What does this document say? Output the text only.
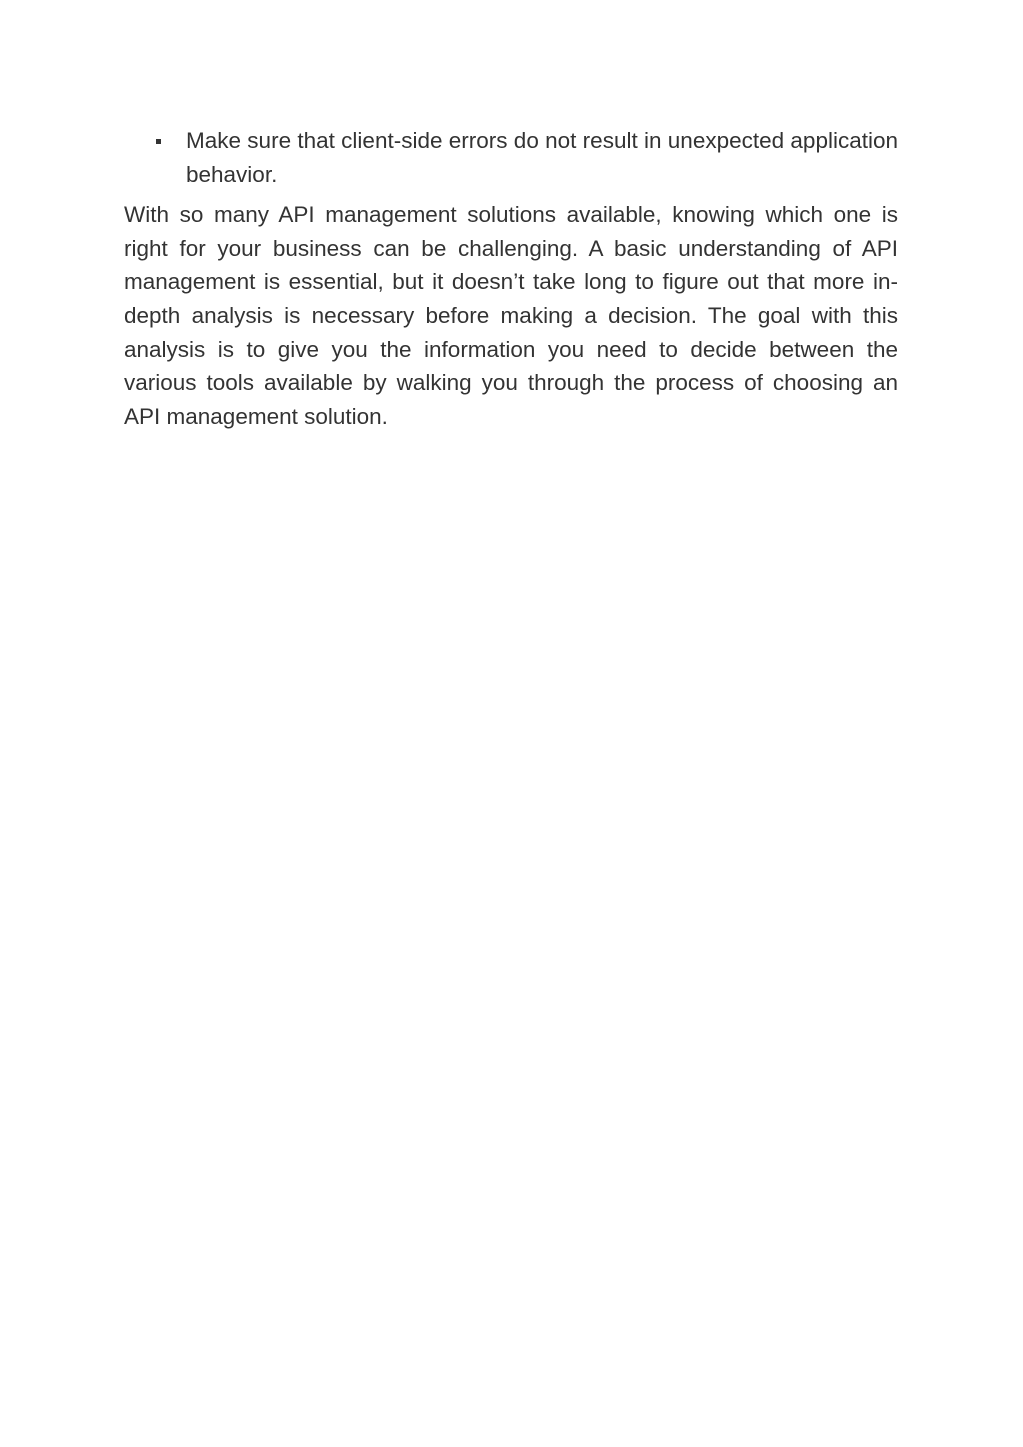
Make sure that client-side errors do not result in unexpected application behavior.

With so many API management solutions available, knowing which one is right for your business can be challenging. A basic understanding of API management is essential, but it doesn’t take long to figure out that more in-depth analysis is necessary before making a decision. The goal with this analysis is to give you the information you need to decide between the various tools available by walking you through the process of choosing an API management solution.
